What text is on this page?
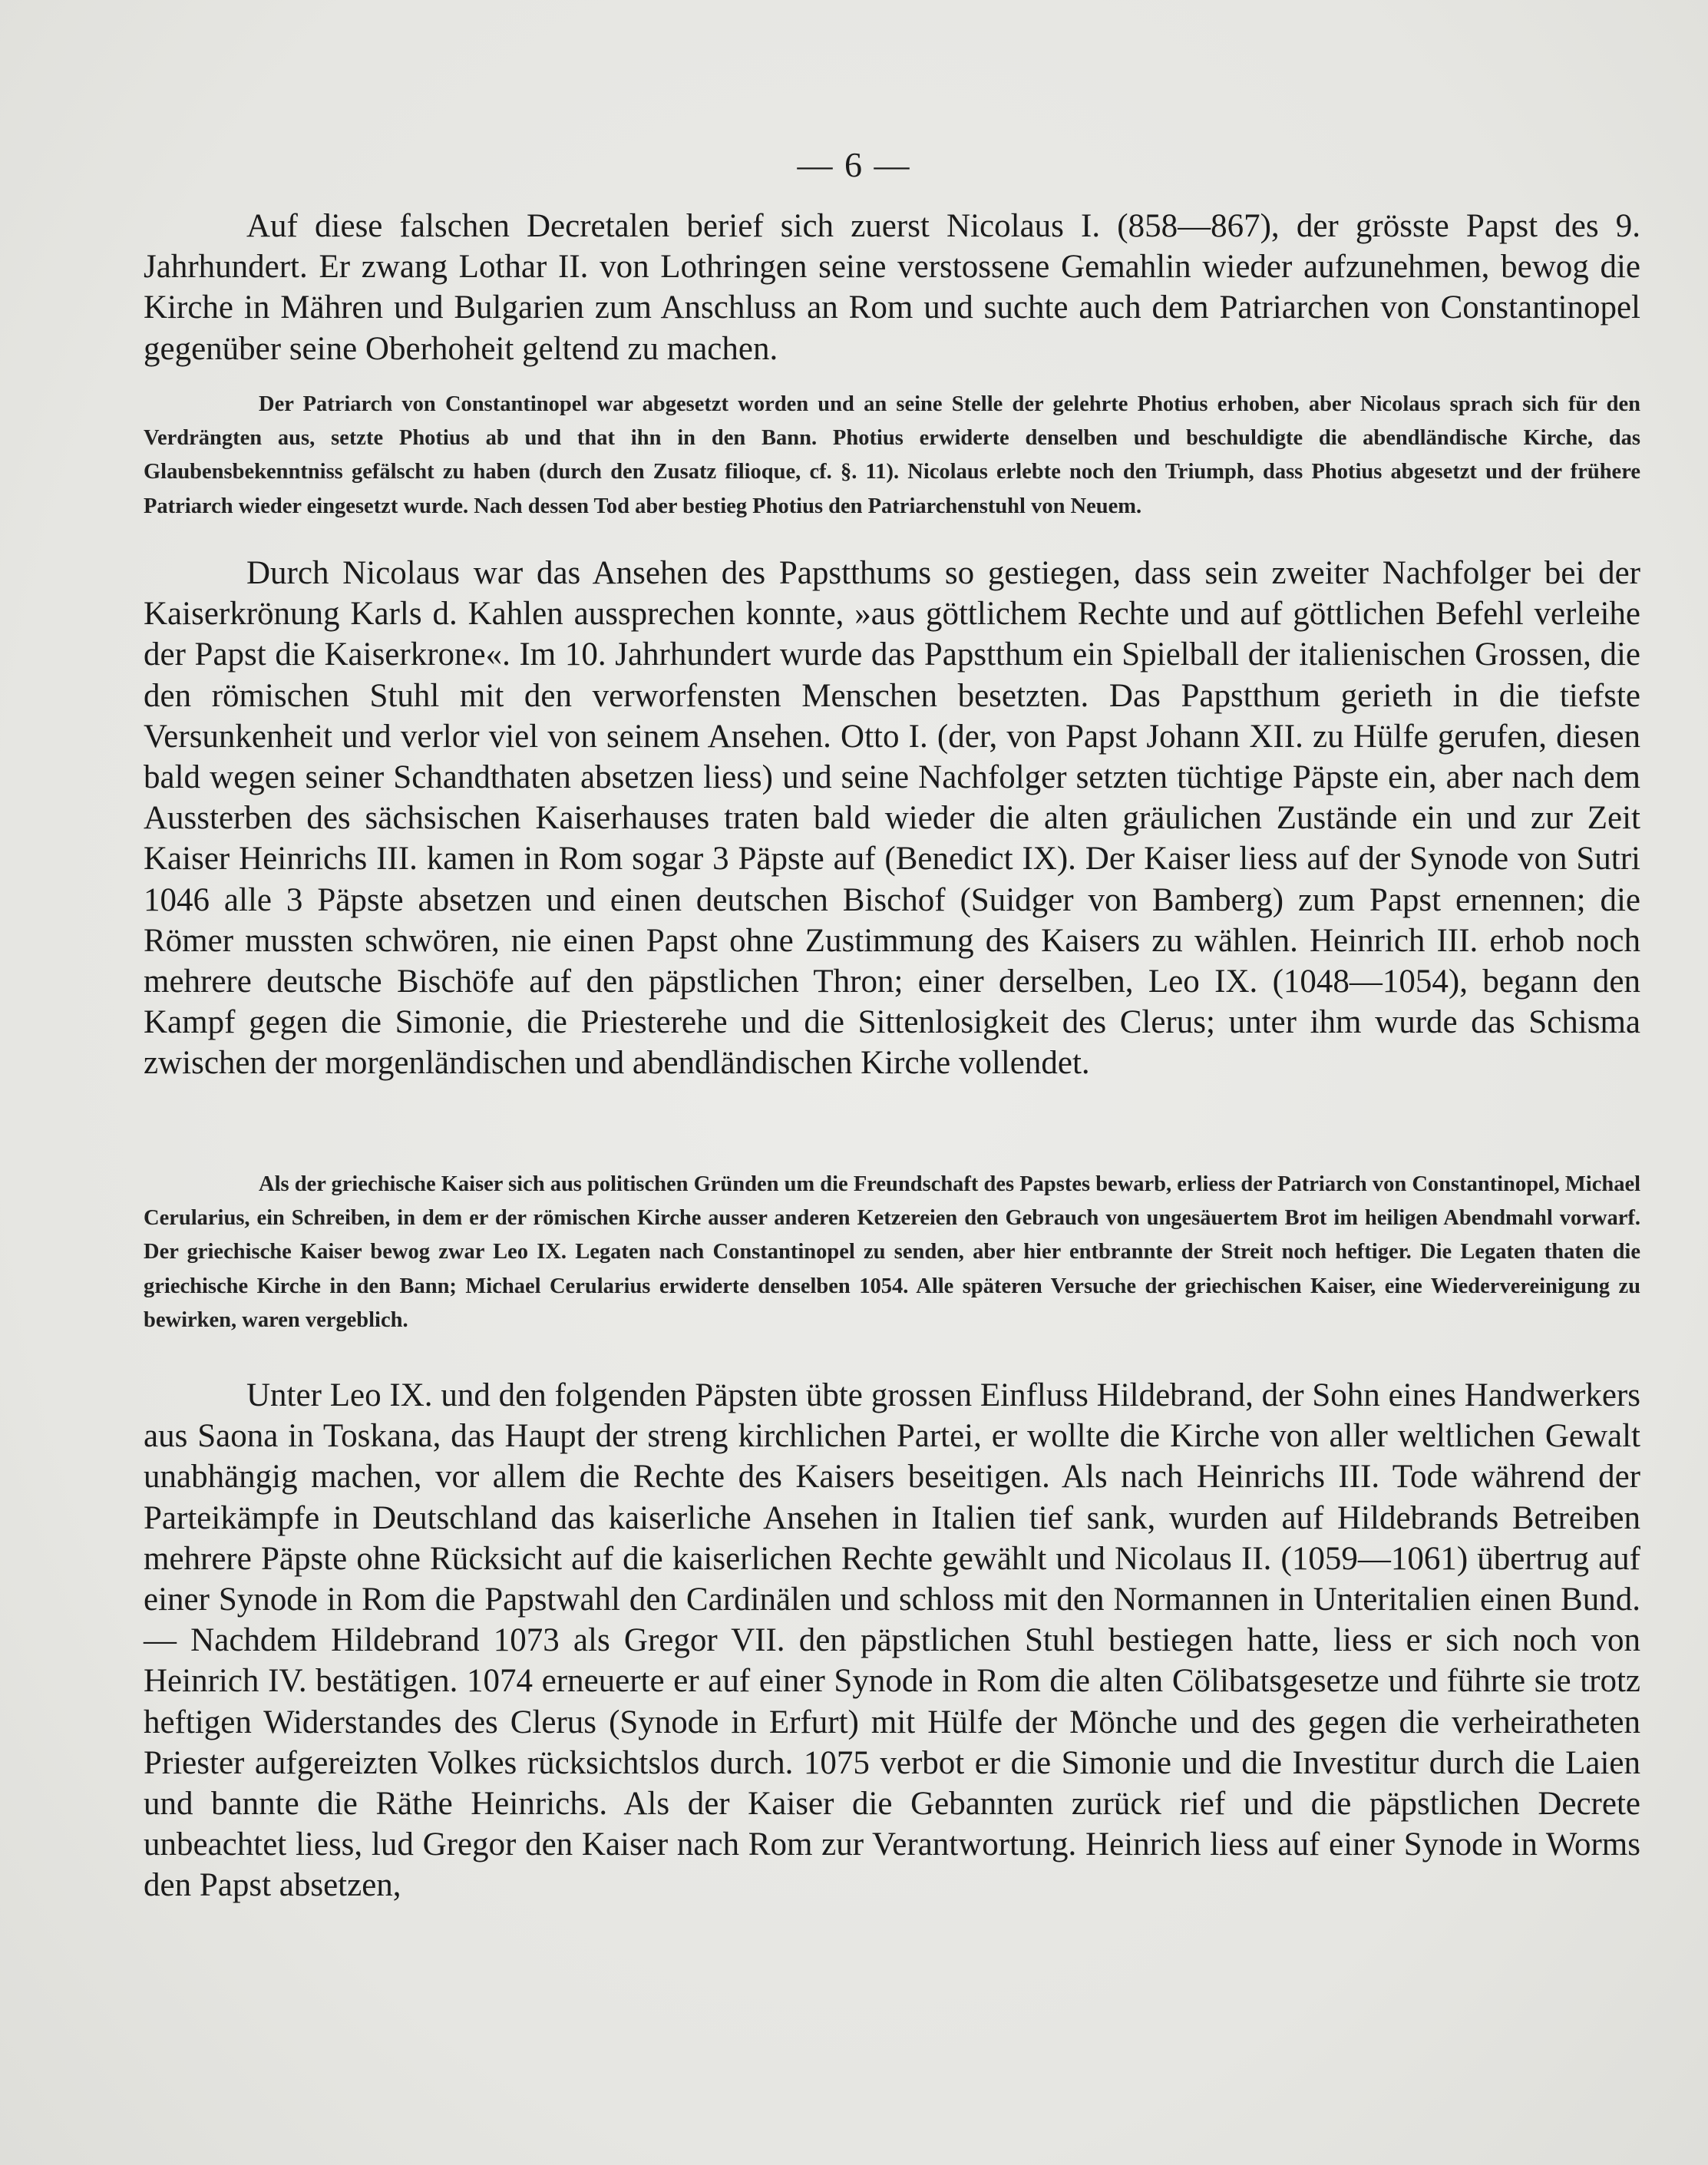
— 6 —
Auf diese falschen Decretalen berief sich zuerst Nicolaus I. (858—867), der grösste Papst des 9. Jahrhundert. Er zwang Lothar II. von Lothringen seine verstossene Gemahlin wieder aufzunehmen, bewog die Kirche in Mähren und Bulgarien zum Anschluss an Rom und suchte auch dem Patriarchen von Constantinopel gegenüber seine Oberhoheit geltend zu machen.
Der Patriarch von Constantinopel war abgesetzt worden und an seine Stelle der gelehrte Photius erhoben, aber Nicolaus sprach sich für den Verdrängten aus, setzte Photius ab und that ihn in den Bann. Photius erwiderte denselben und beschuldigte die abendländische Kirche, das Glaubensbekenntniss gefälscht zu haben (durch den Zusatz filioque, cf. §. 11). Nicolaus erlebte noch den Triumph, dass Photius abgesetzt und der frühere Patriarch wieder eingesetzt wurde. Nach dessen Tod aber bestieg Photius den Patriarchenstuhl von Neuem.
Durch Nicolaus war das Ansehen des Papstthums so gestiegen, dass sein zweiter Nachfolger bei der Kaiserkrönung Karls d. Kahlen aussprechen konnte, »aus göttlichem Rechte und auf göttlichen Befehl verleihe der Papst die Kaiserkrone«. Im 10. Jahrhundert wurde das Papstthum ein Spielball der italienischen Grossen, die den römischen Stuhl mit den verworfensten Menschen besetzten. Das Papstthum gerieth in die tiefste Versunkenheit und verlor viel von seinem Ansehen. Otto I. (der, von Papst Johann XII. zu Hülfe gerufen, diesen bald wegen seiner Schandthaten absetzen liess) und seine Nachfolger setzten tüchtige Päpste ein, aber nach dem Aussterben des sächsischen Kaiserhauses traten bald wieder die alten gräulichen Zustände ein und zur Zeit Kaiser Heinrichs III. kamen in Rom sogar 3 Päpste auf (Benedict IX). Der Kaiser liess auf der Synode von Sutri 1046 alle 3 Päpste absetzen und einen deutschen Bischof (Suidger von Bamberg) zum Papst ernennen; die Römer mussten schwören, nie einen Papst ohne Zustimmung des Kaisers zu wählen. Heinrich III. erhob noch mehrere deutsche Bischöfe auf den päpstlichen Thron; einer derselben, Leo IX. (1048—1054), begann den Kampf gegen die Simonie, die Priesterehe und die Sittenlosigkeit des Clerus; unter ihm wurde das Schisma zwischen der morgenländischen und abendländischen Kirche vollendet.
Als der griechische Kaiser sich aus politischen Gründen um die Freundschaft des Papstes bewarb, erliess der Patriarch von Constantinopel, Michael Cerularius, ein Schreiben, in dem er der römischen Kirche ausser anderen Ketzereien den Gebrauch von ungesäuertem Brot im heiligen Abendmahl vorwarf. Der griechische Kaiser bewog zwar Leo IX. Legaten nach Constantinopel zu senden, aber hier entbrannte der Streit noch heftiger. Die Legaten thaten die griechische Kirche in den Bann; Michael Cerularius erwiderte denselben 1054. Alle späteren Versuche der griechischen Kaiser, eine Wiedervereinigung zu bewirken, waren vergeblich.
Unter Leo IX. und den folgenden Päpsten übte grossen Einfluss Hildebrand, der Sohn eines Handwerkers aus Saona in Toskana, das Haupt der streng kirchlichen Partei, er wollte die Kirche von aller weltlichen Gewalt unabhängig machen, vor allem die Rechte des Kaisers beseitigen. Als nach Heinrichs III. Tode während der Parteikämpfe in Deutschland das kaiserliche Ansehen in Italien tief sank, wurden auf Hildebrands Betreiben mehrere Päpste ohne Rücksicht auf die kaiserlichen Rechte gewählt und Nicolaus II. (1059—1061) übertrug auf einer Synode in Rom die Papstwahl den Cardinälen und schloss mit den Normannen in Unteritalien einen Bund. — Nachdem Hildebrand 1073 als Gregor VII. den päpstlichen Stuhl bestiegen hatte, liess er sich noch von Heinrich IV. bestätigen. 1074 erneuerte er auf einer Synode in Rom die alten Cölibatsgesetze und führte sie trotz heftigen Widerstandes des Clerus (Synode in Erfurt) mit Hülfe der Mönche und des gegen die verheiratheten Priester aufgereizten Volkes rücksichtslos durch. 1075 verbot er die Simonie und die Investitur durch die Laien und bannte die Räthe Heinrichs. Als der Kaiser die Gebannten zurück rief und die päpstlichen Decrete unbeachtet liess, lud Gregor den Kaiser nach Rom zur Verantwortung. Heinrich liess auf einer Synode in Worms den Papst absetzen,
